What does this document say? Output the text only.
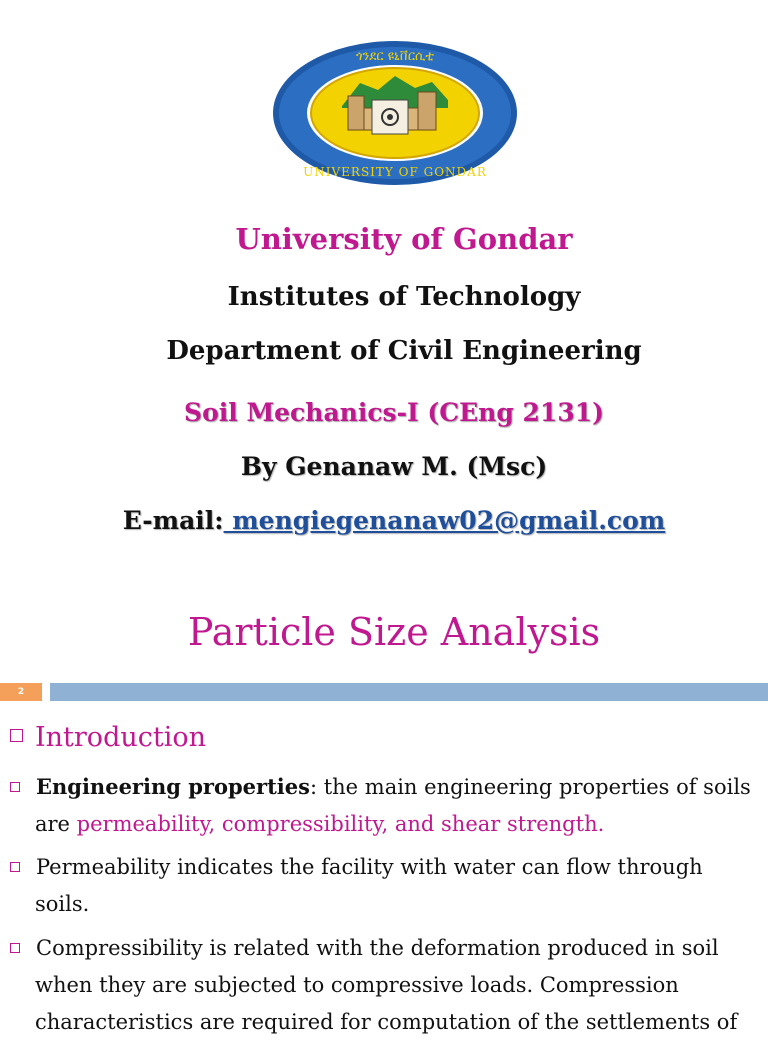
ጎንደር ዩኒቨርሲቲ
UNIVERSITY OF GONDAR
University of Gondar
Institutes of Technology
Department of Civil Engineering
Soil Mechanics-I (CEng 2131)
By Genanaw M. (Msc)
E-mail: mengiegenanaw02@gmail.com
Particle Size Analysis
2
Introduction
Engineering properties: the main engineering properties of soils are permeability, compressibility, and shear strength.
Permeability indicates the facility with water can flow through soils.
Compressibility is related with the deformation produced in soil when they are subjected to compressive loads. Compression characteristics are required for computation of the settlements of
